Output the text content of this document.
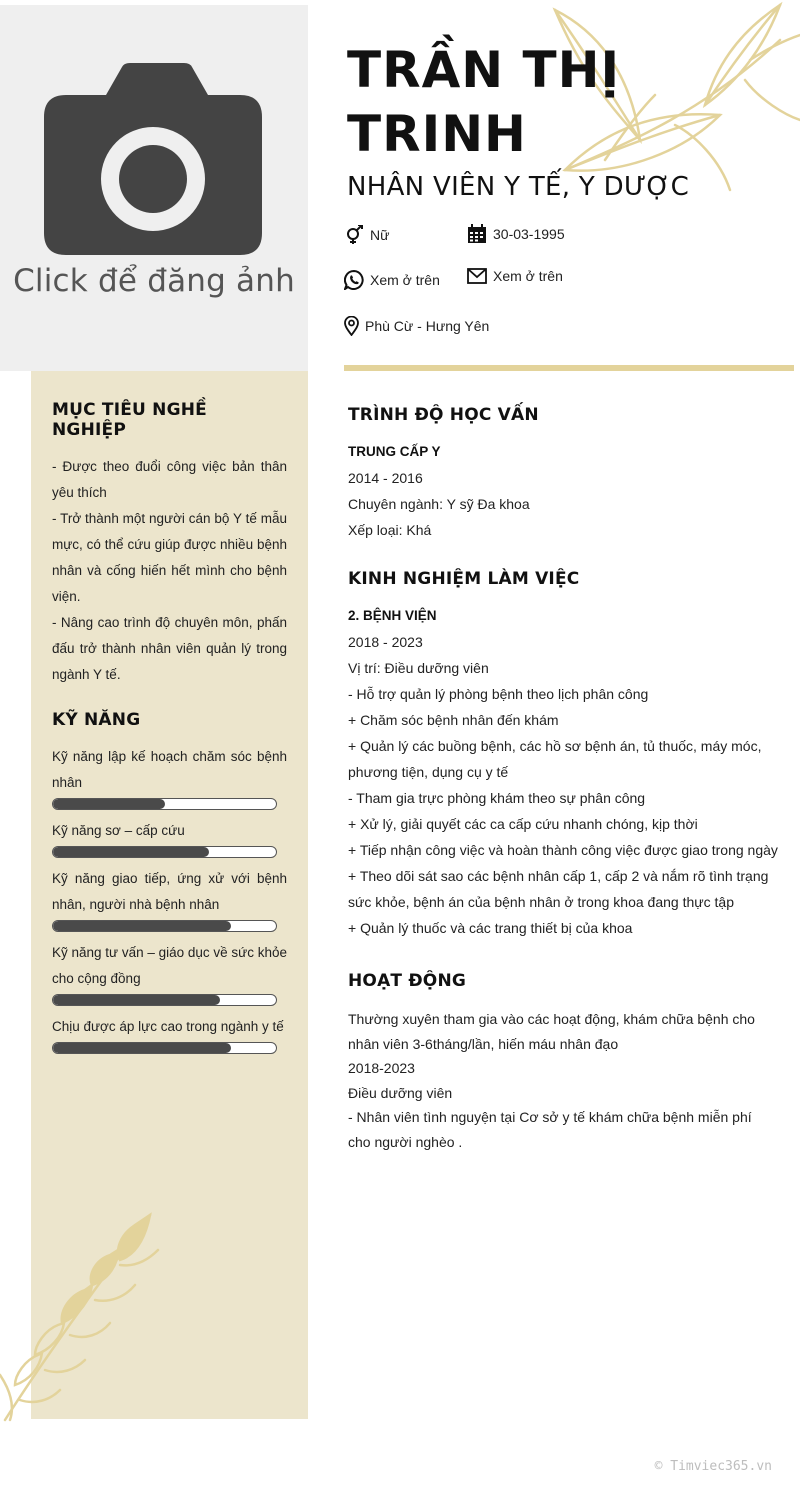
Click để đăng ảnh
MỤC TIÊU NGHỀ NGHIỆP
- Được theo đuổi công việc bản thân yêu thích
- Trở thành một người cán bộ Y tế mẫu mực, có thể cứu giúp được nhiều bệnh nhân và cống hiến hết mình cho bệnh viện.
- Nâng cao trình độ chuyên môn, phấn đấu trở thành nhân viên quản lý trong ngành Y tế.
KỸ NĂNG
Kỹ năng lập kế hoạch chăm sóc bệnh nhân
Kỹ năng sơ – cấp cứu
Kỹ năng giao tiếp, ứng xử với bệnh nhân, người nhà bệnh nhân
Kỹ năng tư vấn – giáo dục về sức khỏe cho cộng đồng
Chịu được áp lực cao trong ngành y tế
TRẦN THỊ
TRINH
NHÂN VIÊN Y TẾ, Y DƯỢC
Nữ	30-03-1995
Xem ở trên	Xem ở trên
Phù Cừ - Hưng Yên
TRÌNH ĐỘ HỌC VẤN
TRUNG CẤP Y
2014 - 2016
Chuyên ngành: Y sỹ Đa khoa
Xếp loại: Khá
KINH NGHIỆM LÀM VIỆC
2. BỆNH VIỆN
2018 - 2023
Vị trí: Điều dưỡng viên
- Hỗ trợ quản lý phòng bệnh theo lịch phân công
+ Chăm sóc bệnh nhân đến khám
+ Quản lý các buồng bệnh, các hồ sơ bệnh án, tủ thuốc, máy móc, phương tiện, dụng cụ y tế
- Tham gia trực phòng khám theo sự phân công
+ Xử lý, giải quyết các ca cấp cứu nhanh chóng, kịp thời
+ Tiếp nhận công việc và hoàn thành công việc được giao trong ngày
+ Theo dõi sát sao các bệnh nhân cấp 1, cấp 2 và nắm rõ tình trạng sức khỏe, bệnh án của bệnh nhân ở trong khoa đang thực tập
+ Quản lý thuốc và các trang thiết bị của khoa
HOẠT ĐỘNG
Thường xuyên tham gia vào các hoạt động, khám chữa bệnh cho nhân viên 3-6tháng/lần, hiến máu nhân đạo
2018-2023
Điều dưỡng viên
- Nhân viên tình nguyện tại Cơ sở y tế khám chữa bệnh miễn phí cho người nghèo .
© Timviec365.vn
